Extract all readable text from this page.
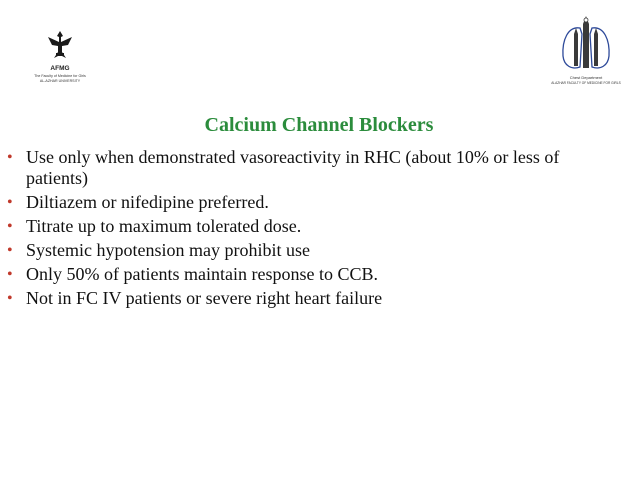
AFMG
The Faculty of Medicine for Girls
AL-AZHAR UNIVERSITY
Chest Department
Al-AZHAR FACULTY OF MEDICINE FOR GIRLS
Calcium Channel Blockers
• Use only when demonstrated vasoreactivity in RHC (about 10% or less of patients)
• Diltiazem or nifedipine preferred.
• Titrate up to maximum tolerated dose.
• Systemic hypotension may prohibit use
• Only 50% of patients maintain response to CCB.
• Not in FC IV patients or severe right heart failure
